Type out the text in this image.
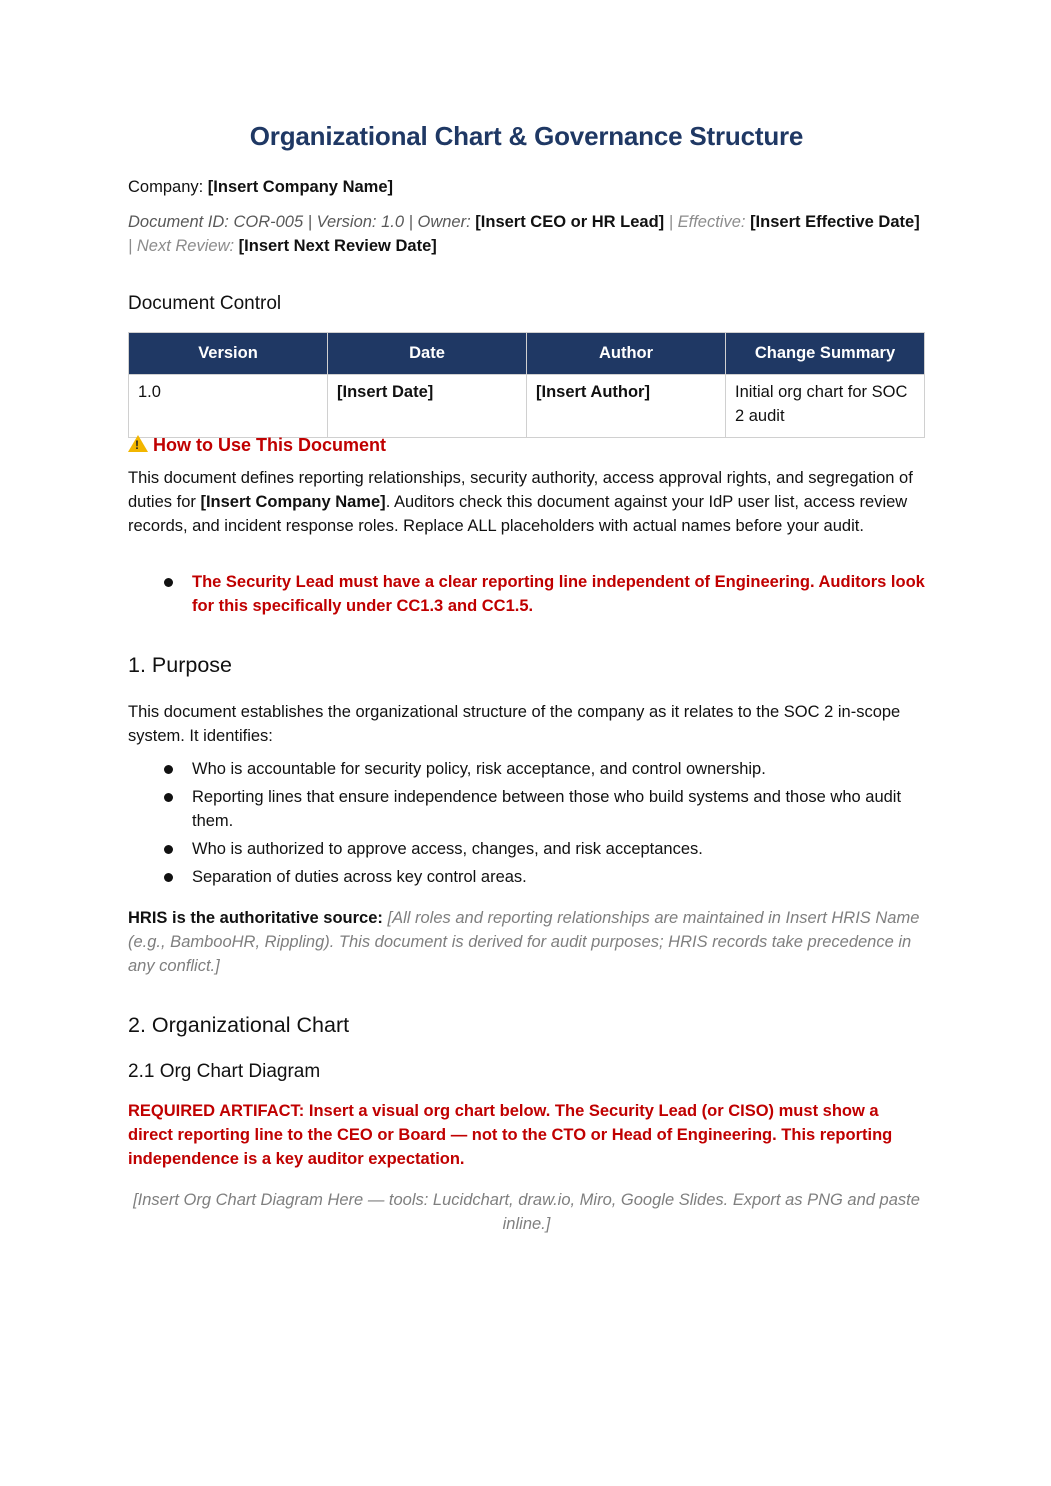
Organizational Chart & Governance Structure
Company: [Insert Company Name]
Document ID: COR-005 | Version: 1.0 | Owner: [Insert CEO or HR Lead] | Effective: [Insert Effective Date]
| Next Review: [Insert Next Review Date]
Document Control
Version	Date	Author	Change Summary
1.0	[Insert Date]	[Insert Author]	Initial org chart for SOC 2 audit
!How to Use This Document

This document defines reporting relationships, security authority, access approval rights, and segregation of duties for [Insert Company Name]. Auditors check this document against your IdP user list, access review records, and incident response roles. Replace ALL placeholders with actual names before your audit.

The Security Lead must have a clear reporting line independent of Engineering. Auditors look for this specifically under CC1.3 and CC1.5.
1. Purpose

This document establishes the organizational structure of the company as it relates to the SOC 2 in-scope system. It identifies:

Who is accountable for security policy, risk acceptance, and control ownership.
Reporting lines that ensure independence between those who build systems and those who audit them.
Who is authorized to approve access, changes, and risk acceptances.
Separation of duties across key control areas.

HRIS is the authoritative source: [All roles and reporting relationships are maintained in Insert HRIS Name (e.g., BambooHR, Rippling). This document is derived for audit purposes; HRIS records take precedence in any conflict.]

2. Organizational Chart
2.1 Org Chart Diagram

REQUIRED ARTIFACT: Insert a visual org chart below. The Security Lead (or CISO) must show a direct reporting line to the CEO or Board — not to the CTO or Head of Engineering. This reporting independence is a key auditor expectation.

[Insert Org Chart Diagram Here — tools: Lucidchart, draw.io, Miro, Google Slides. Export as PNG and paste inline.]
